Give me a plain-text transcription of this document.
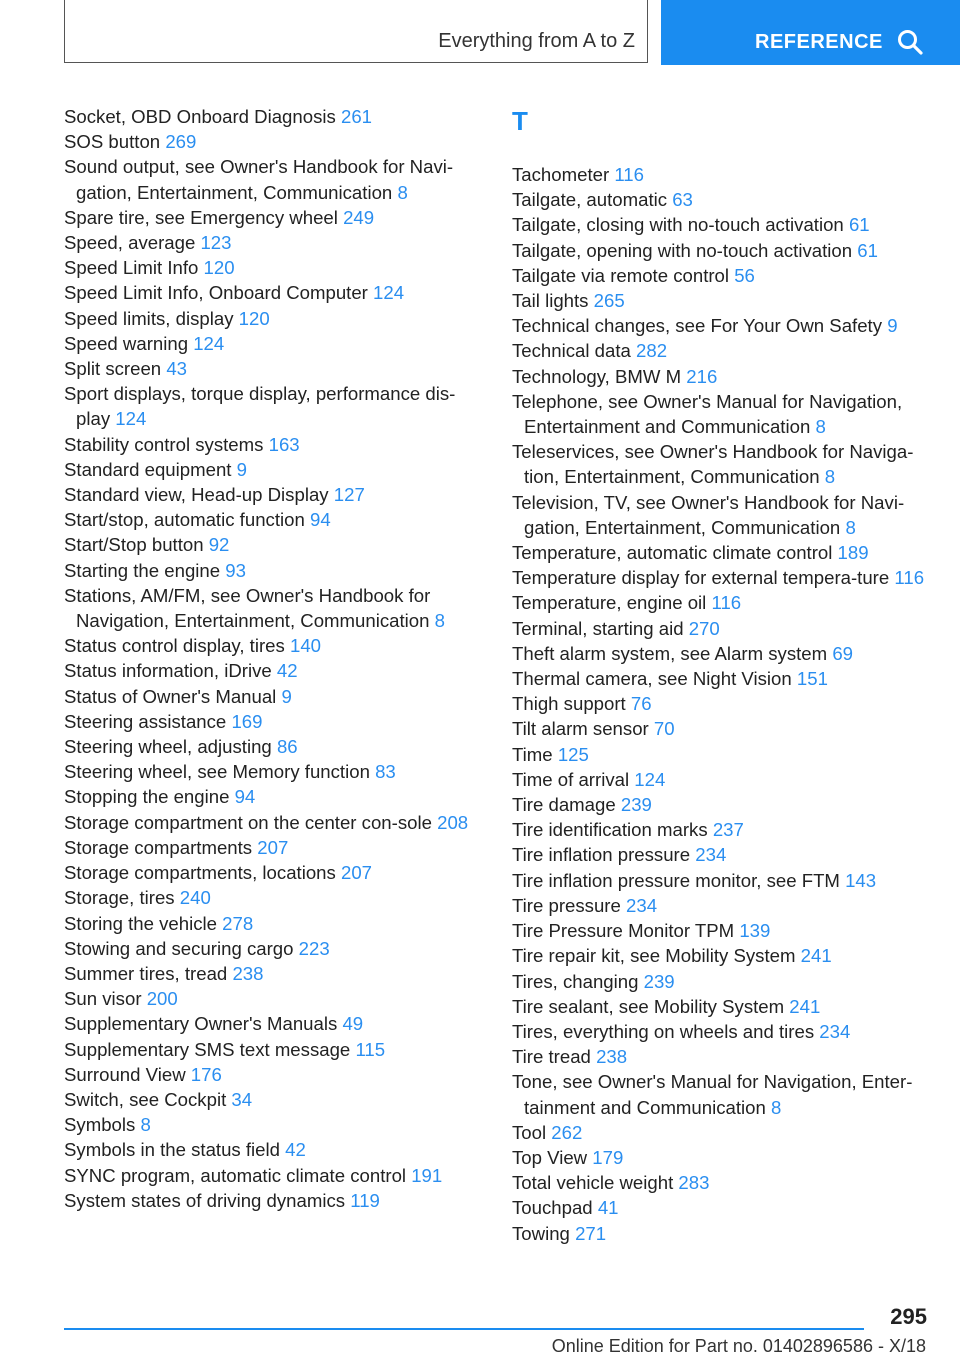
Everything from A to Z	REFERENCE
Socket, OBD Onboard Diagnosis 261
SOS button 269
Sound output, see Owner's Handbook for Navi‐gation, Entertainment, Communication 8
Spare tire, see Emergency wheel 249
Speed, average 123
Speed Limit Info 120
Speed Limit Info, Onboard Computer 124
Speed limits, display 120
Speed warning 124
Split screen 43
Sport displays, torque display, performance dis‐play 124
Stability control systems 163
Standard equipment 9
Standard view, Head-up Display 127
Start/stop, automatic function 94
Start/Stop button 92
Starting the engine 93
Stations, AM/FM, see Owner's Handbook for Navigation, Entertainment, Communication 8
Status control display, tires 140
Status information, iDrive 42
Status of Owner's Manual 9
Steering assistance 169
Steering wheel, adjusting 86
Steering wheel, see Memory function 83
Stopping the engine 94
Storage compartment on the center con‐sole 208
Storage compartments 207
Storage compartments, locations 207
Storage, tires 240
Storing the vehicle 278
Stowing and securing cargo 223
Summer tires, tread 238
Sun visor 200
Supplementary Owner's Manuals 49
Supplementary SMS text message 115
Surround View 176
Switch, see Cockpit 34
Symbols 8
Symbols in the status field 42
SYNC program, automatic climate control 191
System states of driving dynamics 119
T
Tachometer 116
Tailgate, automatic 63
Tailgate, closing with no-touch activation 61
Tailgate, opening with no-touch activation 61
Tailgate via remote control 56
Tail lights 265
Technical changes, see For Your Own Safety 9
Technical data 282
Technology, BMW M 216
Telephone, see Owner's Manual for Navigation, Entertainment and Communication 8
Teleservices, see Owner's Handbook for Naviga‐tion, Entertainment, Communication 8
Television, TV, see Owner's Handbook for Navi‐gation, Entertainment, Communication 8
Temperature, automatic climate control 189
Temperature display for external tempera‐ture 116
Temperature, engine oil 116
Terminal, starting aid 270
Theft alarm system, see Alarm system 69
Thermal camera, see Night Vision 151
Thigh support 76
Tilt alarm sensor 70
Time 125
Time of arrival 124
Tire damage 239
Tire identification marks 237
Tire inflation pressure 234
Tire inflation pressure monitor, see FTM 143
Tire pressure 234
Tire Pressure Monitor TPM 139
Tire repair kit, see Mobility System 241
Tires, changing 239
Tire sealant, see Mobility System 241
Tires, everything on wheels and tires 234
Tire tread 238
Tone, see Owner's Manual for Navigation, Enter‐tainment and Communication 8
Tool 262
Top View 179
Total vehicle weight 283
Touchpad 41
Towing 271
295
Online Edition for Part no. 01402896586 - X/18
